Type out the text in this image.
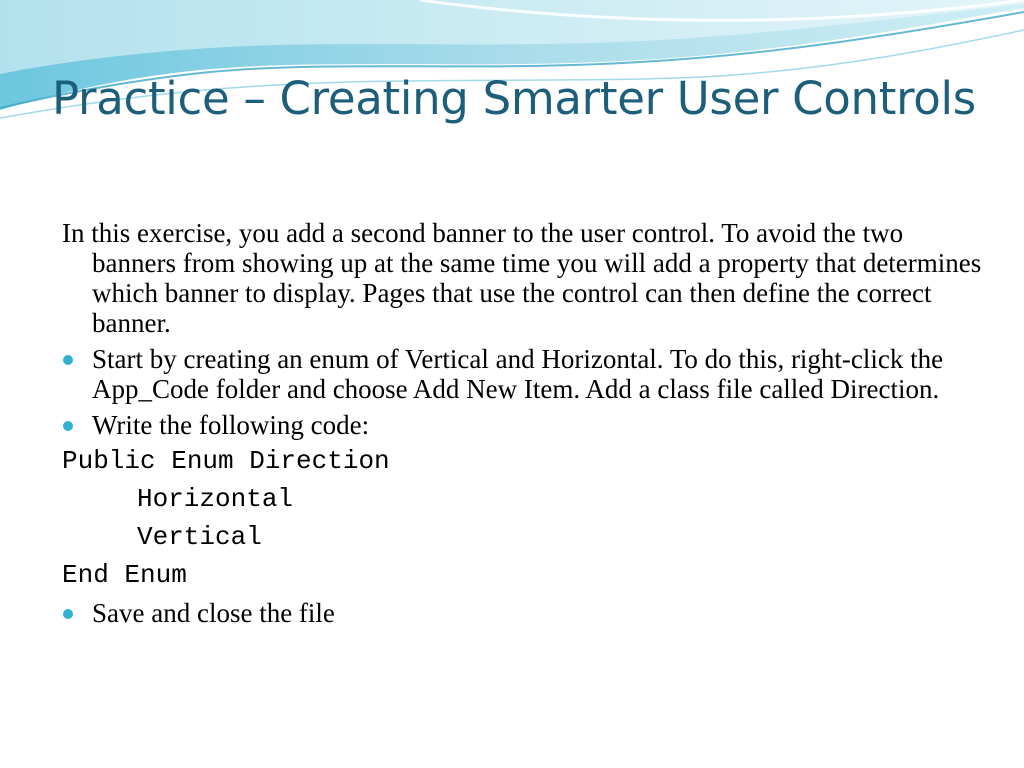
Practice – Creating Smarter User Controls

In this exercise, you add a second banner to the user control. To avoid the two banners from showing up at the same time you will add a property that determines which banner to display. Pages that use the control can then define the correct banner.

Start by creating an enum of Vertical and Horizontal. To do this, right-click the App_Code folder and choose Add New Item. Add a class file called Direction.
Write the following code:
Public Enum Direction
Horizontal
Vertical
End Enum
Save and close the file
